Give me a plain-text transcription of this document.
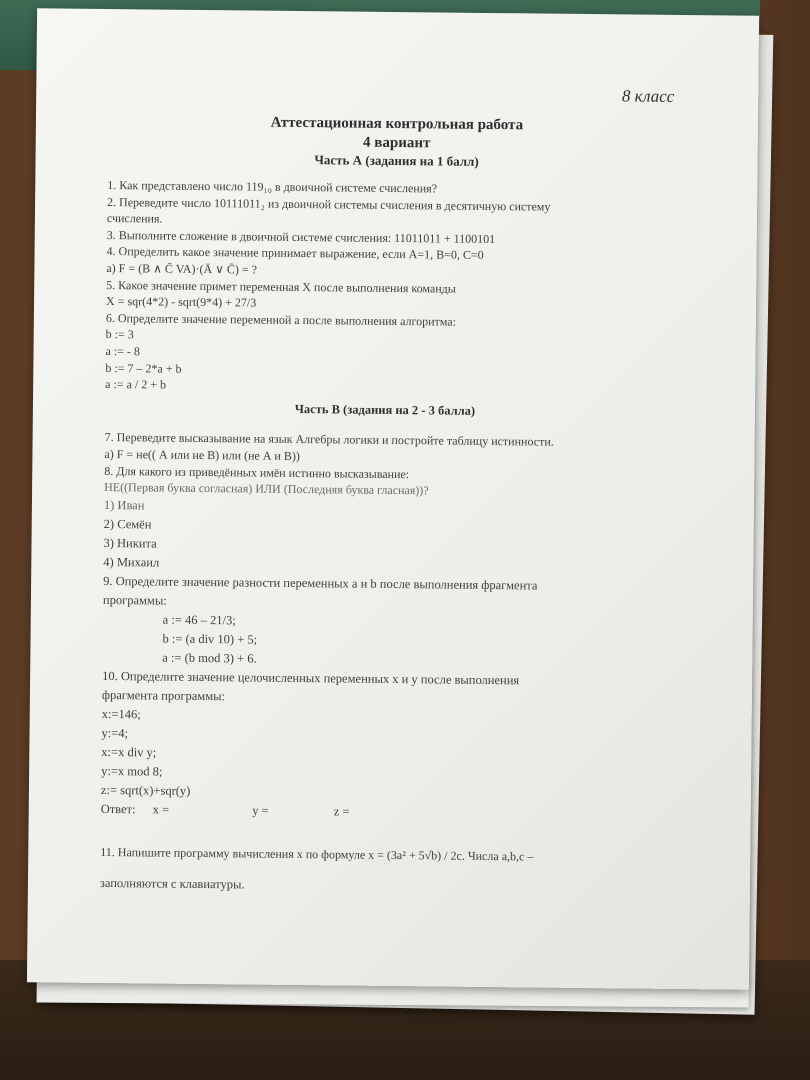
8 класс
Аттестационная контрольная работа
4 вариант
Часть А (задания на 1 балл)
1. Как представлено число 119₁₀ в двоичной системе счисления?
2. Переведите число 10111011₂ из двоичной системы счисления в десятичную систему
счисления.
3. Выполните сложение в двоичной системе счисления: 11011011 + 1100101
4. Определить какое значение принимает выражение, если А=1, В=0, С=0
а) F = (B ∧ C̄ VA)·(Ā ∨ C̄) = ?
5. Какое значение примет переменная X после выполнения команды
X = sqr(4*2) - sqrt(9*4) + 27/3
6. Определите значение переменной а после выполнения алгоритма:
b := 3
a := - 8
b := 7 – 2*a + b
a := a / 2 + b
Часть В (задания на 2 - 3 балла)
7. Переведите высказывание на язык Алгебры логики и постройте таблицу истинности.
а) F = не(( А или не В) или (не А и В))
8. Для какого из приведённых имён истинно высказывание:
НЕ((Первая буква согласная) ИЛИ (Последняя буква гласная))?
1) Иван
2) Семён
3) Никита
4) Михаил
9. Определите значение разности переменных a и b после выполнения фрагмента
программы:
a := 46 – 21/3;
b := (a div 10) + 5;
a := (b mod 3) + 6.
10. Определите значение целочисленных переменных x и y после выполнения
фрагмента программы:
x:=146;
y:=4;
x:=x div y;
y:=x mod 8;
z:= sqrt(x)+sqr(y)
Ответ: x =	y =	z =
11. Напишите программу вычисления x по формуле x = (3a² + 5√b) / 2c. Числа a,b,c –
заполняются с клавиатуры.
